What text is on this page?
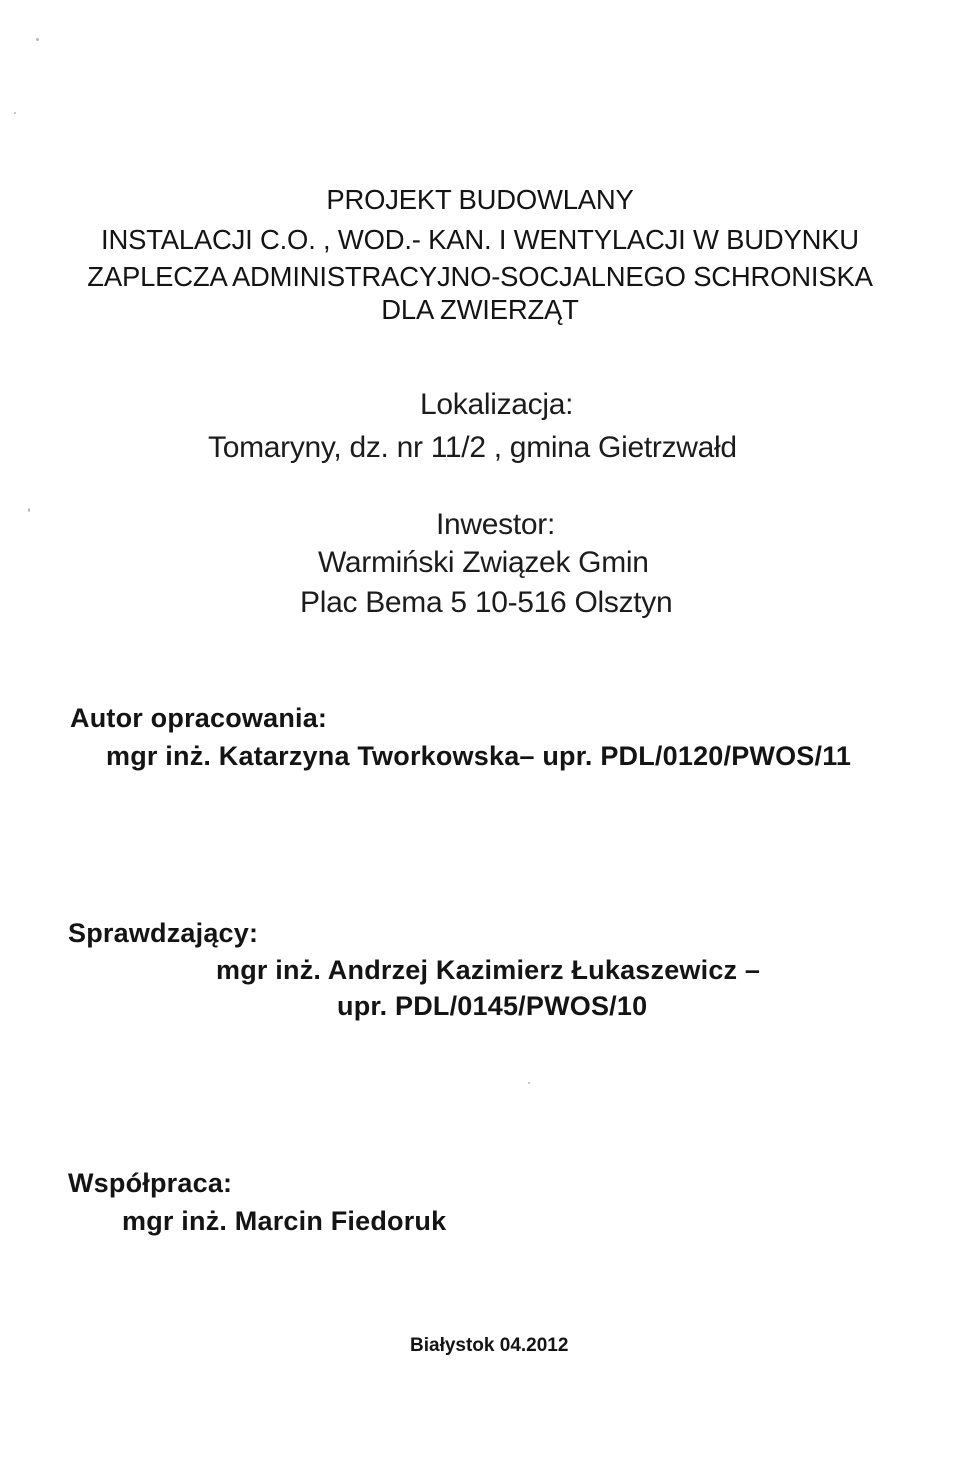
PROJEKT BUDOWLANY
INSTALACJI C.O. , WOD.- KAN. I WENTYLACJI W BUDYNKU
ZAPLECZA ADMINISTRACYJNO-SOCJALNEGO SCHRONISKA
DLA ZWIERZĄT
Lokalizacja:
Tomaryny, dz. nr 11/2 , gmina Gietrzwałd
Inwestor:
Warmiński Związek Gmin
Plac Bema 5 10-516 Olsztyn
Autor opracowania:
mgr inż. Katarzyna Tworkowska– upr. PDL/0120/PWOS/11
Sprawdzający:
mgr inż. Andrzej Kazimierz Łukaszewicz –
upr. PDL/0145/PWOS/10
Współpraca:
mgr inż. Marcin Fiedoruk
Białystok 04.2012
